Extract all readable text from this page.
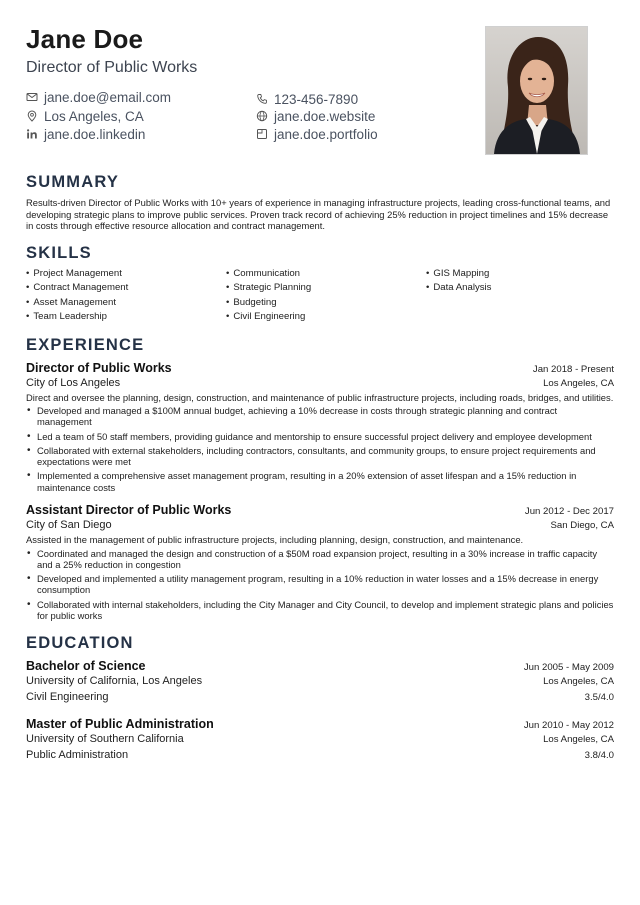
Jane Doe
Director of Public Works
jane.doe@email.com	123-456-7890
Los Angeles, CA	jane.doe.website
jane.doe.linkedin	jane.doe.portfolio
SUMMARY
Results-driven Director of Public Works with 10+ years of experience in managing infrastructure projects, leading cross-functional teams, and developing strategic plans to improve public services. Proven track record of achieving 25% reduction in project timelines and 15% decrease in costs through effective resource allocation and contract management.
SKILLS
• Project Management	• Communication	• GIS Mapping
• Contract Management	• Strategic Planning	• Data Analysis
• Asset Management	• Budgeting
• Team Leadership	• Civil Engineering
EXPERIENCE
Director of Public Works	Jan 2018 - Present
City of Los Angeles	Los Angeles, CA
Direct and oversee the planning, design, construction, and maintenance of public infrastructure projects, including roads, bridges, and utilities.
• Developed and managed a $100M annual budget, achieving a 10% decrease in costs through strategic planning and contract management
• Led a team of 50 staff members, providing guidance and mentorship to ensure successful project delivery and employee development
• Collaborated with external stakeholders, including contractors, consultants, and community groups, to ensure project requirements and expectations were met
• Implemented a comprehensive asset management program, resulting in a 20% extension of asset lifespan and a 15% reduction in maintenance costs
Assistant Director of Public Works	Jun 2012 - Dec 2017
City of San Diego	San Diego, CA
Assisted in the management of public infrastructure projects, including planning, design, construction, and maintenance.
• Coordinated and managed the design and construction of a $50M road expansion project, resulting in a 30% increase in traffic capacity and a 25% reduction in congestion
• Developed and implemented a utility management program, resulting in a 10% reduction in water losses and a 15% decrease in energy consumption
• Collaborated with internal stakeholders, including the City Manager and City Council, to develop and implement strategic plans and policies for public works
EDUCATION
Bachelor of Science	Jun 2005 - May 2009
University of California, Los Angeles	Los Angeles, CA
Civil Engineering	3.5/4.0
Master of Public Administration	Jun 2010 - May 2012
University of Southern California	Los Angeles, CA
Public Administration	3.8/4.0
